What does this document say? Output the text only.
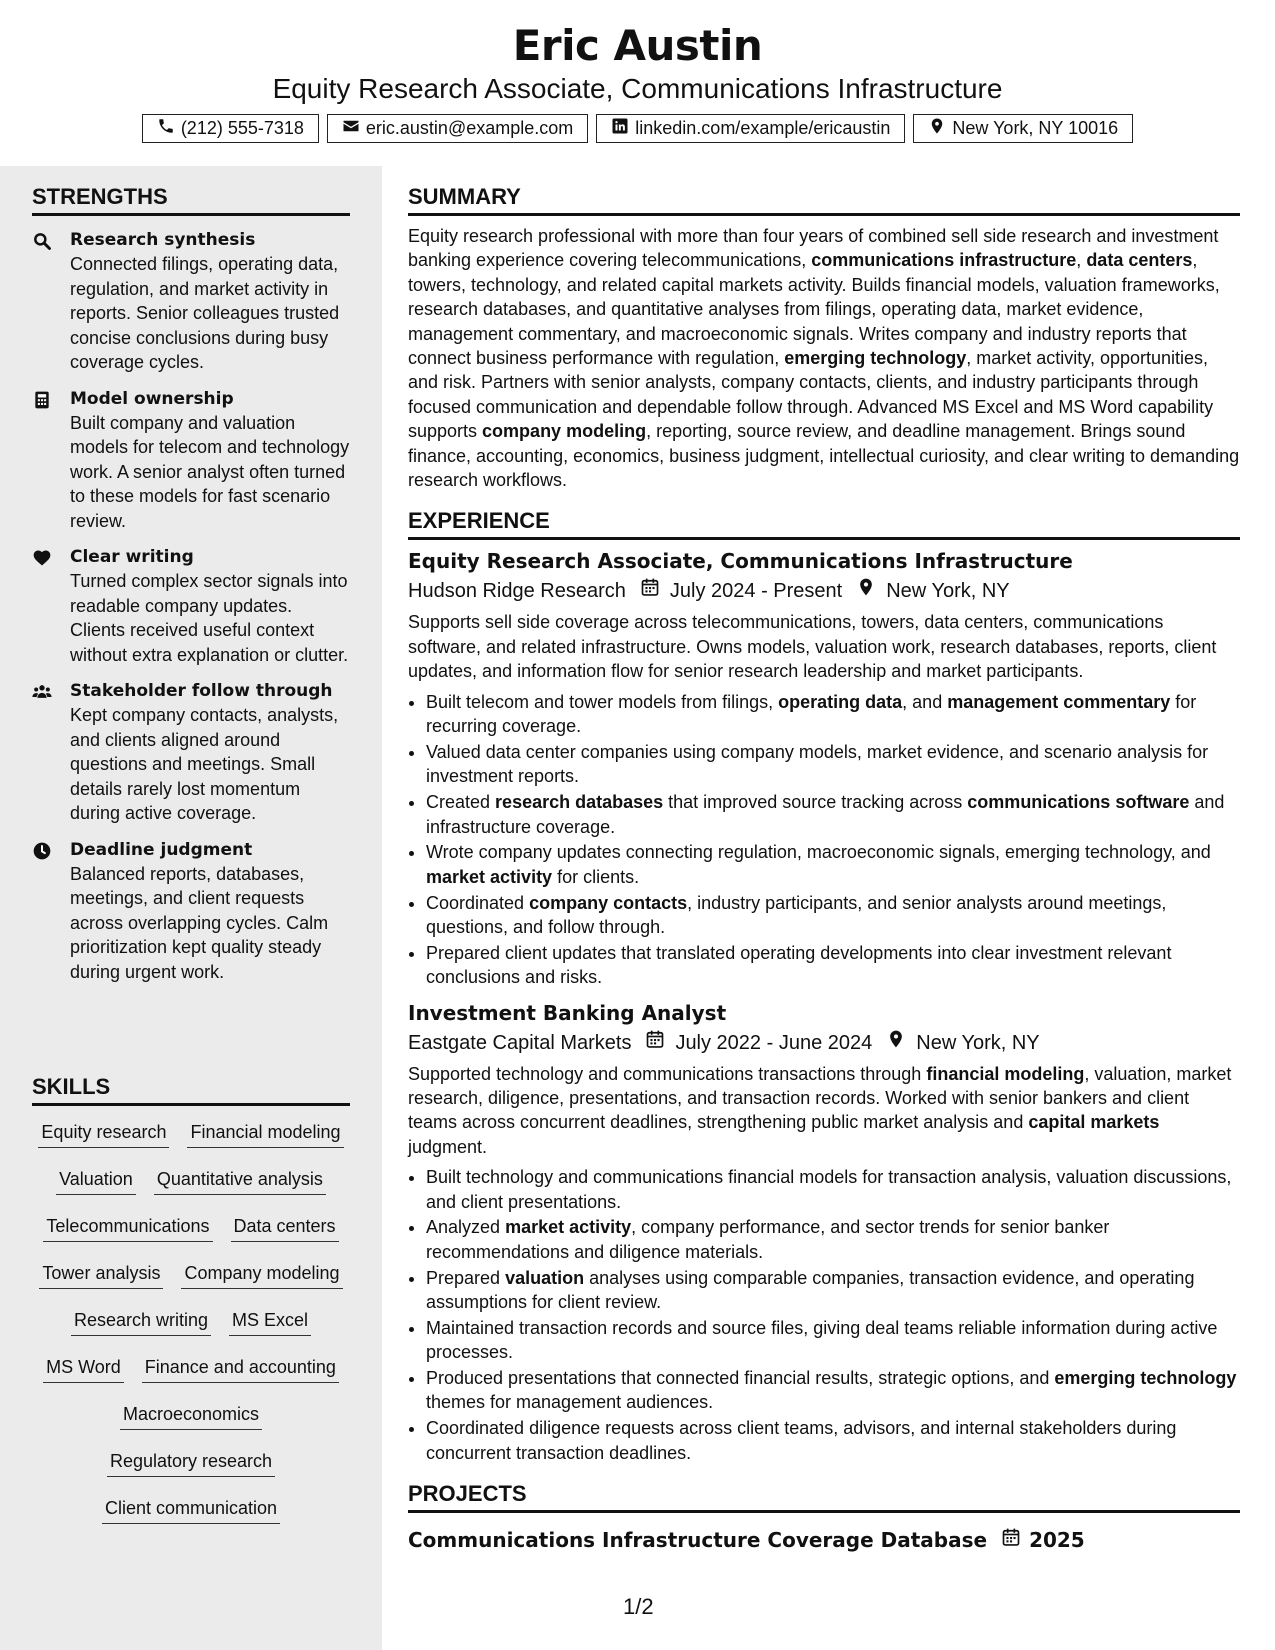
Eric Austin
Equity Research Associate, Communications Infrastructure
(212) 555-7318	eric.austin@example.com	linkedin.com/example/ericaustin	New York, NY 10016
STRENGTHS
Research synthesis
Connected filings, operating data, regulation, and market activity in reports. Senior colleagues trusted concise conclusions during busy coverage cycles.
Model ownership
Built company and valuation models for telecom and technology work. A senior analyst often turned to these models for fast scenario review.
Clear writing
Turned complex sector signals into readable company updates. Clients received useful context without extra explanation or clutter.
Stakeholder follow through
Kept company contacts, analysts, and clients aligned around questions and meetings. Small details rarely lost momentum during active coverage.
Deadline judgment
Balanced reports, databases, meetings, and client requests across overlapping cycles. Calm prioritization kept quality steady during urgent work.
SKILLS
Equity research Financial modeling
Valuation Quantitative analysis
Telecommunications Data centers
Tower analysis Company modeling
Research writing MS Excel
MS Word Finance and accounting
Macroeconomics
Regulatory research
Client communication
SUMMARY
Equity research professional with more than four years of combined sell side research and investment banking experience covering telecommunications, communications infrastructure, data centers, towers, technology, and related capital markets activity. Builds financial models, valuation frameworks, research databases, and quantitative analyses from filings, operating data, market evidence, management commentary, and macroeconomic signals. Writes company and industry reports that connect business performance with regulation, emerging technology, market activity, opportunities, and risk. Partners with senior analysts, company contacts, clients, and industry participants through focused communication and dependable follow through. Advanced MS Excel and MS Word capability supports company modeling, reporting, source review, and deadline management. Brings sound finance, accounting, economics, business judgment, intellectual curiosity, and clear writing to demanding research workflows.
EXPERIENCE
Equity Research Associate, Communications Infrastructure
Hudson Ridge Research July 2024 - Present New York, NY
Supports sell side coverage across telecommunications, towers, data centers, communications software, and related infrastructure. Owns models, valuation work, research databases, reports, client updates, and information flow for senior research leadership and market participants.
• Built telecom and tower models from filings, operating data, and management commentary for recurring coverage.
• Valued data center companies using company models, market evidence, and scenario analysis for investment reports.
• Created research databases that improved source tracking across communications software and infrastructure coverage.
• Wrote company updates connecting regulation, macroeconomic signals, emerging technology, and market activity for clients.
• Coordinated company contacts, industry participants, and senior analysts around meetings, questions, and follow through.
• Prepared client updates that translated operating developments into clear investment relevant conclusions and risks.
Investment Banking Analyst
Eastgate Capital Markets July 2022 - June 2024 New York, NY
Supported technology and communications transactions through financial modeling, valuation, market research, diligence, presentations, and transaction records. Worked with senior bankers and client teams across concurrent deadlines, strengthening public market analysis and capital markets judgment.
• Built technology and communications financial models for transaction analysis, valuation discussions, and client presentations.
• Analyzed market activity, company performance, and sector trends for senior banker recommendations and diligence materials.
• Prepared valuation analyses using comparable companies, transaction evidence, and operating assumptions for client review.
• Maintained transaction records and source files, giving deal teams reliable information during active processes.
• Produced presentations that connected financial results, strategic options, and emerging technology themes for management audiences.
• Coordinated diligence requests across client teams, advisors, and internal stakeholders during concurrent transaction deadlines.
PROJECTS
Communications Infrastructure Coverage Database 2025
1/2
